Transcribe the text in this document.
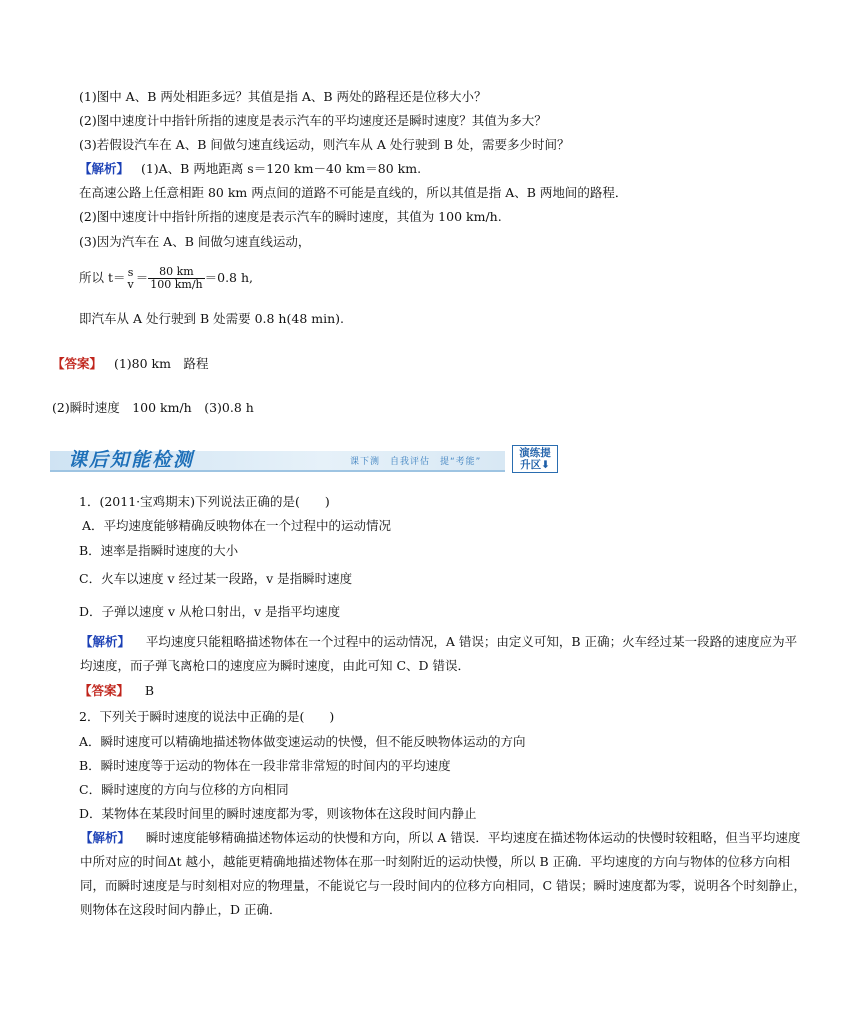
(1)图中 A、B 两处相距多远？其值是指 A、B 两处的路程还是位移大小？
(2)图中速度计中指针所指的速度是表示汽车的平均速度还是瞬时速度？其值为多大？
(3)若假设汽车在 A、B 间做匀速直线运动，则汽车从 A 处行驶到 B 处，需要多少时间？
【解析】 (1)A、B 两地距离 s＝120 km－40 km＝80 km.
在高速公路上任意相距 80 km 两点间的道路不可能是直线的，所以其值是指 A、B 两地间的路程．
(2)图中速度计中指针所指的速度是表示汽车的瞬时速度，其值为 100 km/h.
(3)因为汽车在 A、B 间做匀速直线运动，
所以 t＝ s
$v = \frac{80 km}{100 km/h} =0.8$ h,
即汽车从 A 处行驶到 B 处需要 0.8 h(48 min).
【答案】 (1)80 km　路程
(2)瞬时速度　100 km/h　(3)0.8 h
课后知能检测	课下测　自我评估　提“考能”
演练提
升区⬇
1．(2011·宝鸡期末)下列说法正确的是(　　)
A．平均速度能够精确反映物体在一个过程中的运动情况
B．速率是指瞬时速度的大小
C．火车以速度 v 经过某一段路，v 是指瞬时速度
D．子弹以速度 v 从枪口射出，v 是指平均速度
【解析】 平均速度只能粗略描述物体在一个过程中的运动情况，A 错误；由定义可知，B 正确；火车经过某一段路的速度应为平均速度，而子弹飞离枪口的速度应为瞬时速度，由此可知 C、D 错误．
【答案】 B
2．下列关于瞬时速度的说法中正确的是(　　)
A．瞬时速度可以精确地描述物体做变速运动的快慢，但不能反映物体运动的方向
B．瞬时速度等于运动的物体在一段非常非常短的时间内的平均速度
C．瞬时速度的方向与位移的方向相同
D．某物体在某段时间里的瞬时速度都为零，则该物体在这段时间内静止
【解析】 瞬时速度能够精确描述物体运动的快慢和方向，所以 A 错误．平均速度在描述物体运动的快慢时较粗略，但当平均速度中所对应的时间Δt 越小，越能更精确地描述物体在那一时刻附近的运动快慢，所以 B 正确．平均速度的方向与物体的位移方向相同，而瞬时速度是与时刻相对应的物理量，不能说它与一段时间内的位移方向相同，C 错误；瞬时速度都为零，说明各个时刻静止，则物体在这段时间内静止，D 正确．
